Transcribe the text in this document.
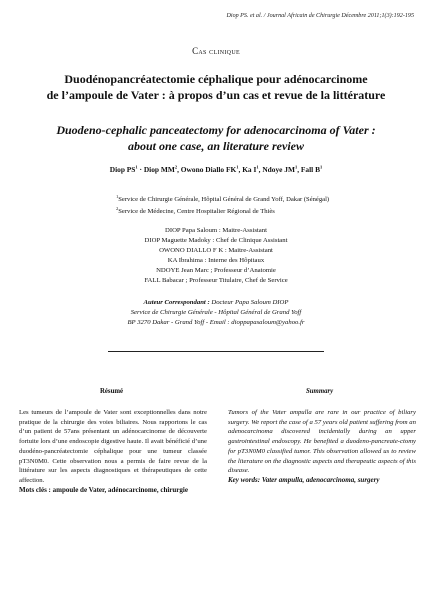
Diop PS. et al. / Journal Africain de Chirurgie Décembre 2011;1(3):192-195
Cas clinique
Duodénopancréatectomie céphalique pour adénocarcinome
de l’ampoule de Vater : à propos d’un cas et revue de la littérature
Duodeno-cephalic panceatectomy for adenocarcinoma of Vater :
about one case, an literature review
Diop $PS^1$ · Diop $MM^2$, Owono Diallo $FK^1$, Ka $I^1$, Ndoye $JM^1$, Fall $B^1$
$^1$Service de Chirurgie Générale, Hôpital Général de Grand Yoff, Dakar (Sénégal)
$^2$Service de Médecine, Centre Hospitalier Régional de Thiès
DIOP Papa Saloum : Maitre-Assistant
DIOP Maguette Madoky : Chef de Clinique Assistant
OWONO DIALLO F K : Maitre-Assistant
KA Ibrahima : Interne des Hôpitaux
NDOYE Jean Marc ; Professeur d’Anatomie
FALL Babacar ; Professeur Titulaire, Chef de Service
Auteur Correspondant : Docteur Papa Saloum DIOP
Service de Chirurgie Générale - Hôpital Général de Grand Yoff
BP 3270 Dakar - Grand Yoff - Email : dioppapasaloum@yahoo.fr
Résumé	Summary
Les tumeurs de l’ampoule de Vater sont exceptionnelles dans notre pratique de la chirurgie des voies biliaires. Nous rapportons le cas d’un patient de 57ans présentant un adénocarcinome de découverte fortuite lors d’une endoscopie digestive haute. Il avait bénéficié d’une duodéno-pancréatectomie céphalique pour une tumeur classée pT3N0M0. Cette observation nous a permis de faire revue de la littérature sur les aspects diagnostiques et thérapeutiques de cette affection.
Mots clés : ampoule de Vater, adénocarcinome, chirurgie
Tumors of the Vater ampulla are rare in our practice of biliary surgery. We report the case of a 57 years old patient suffering from an adenocarcinoma discovered incidentally during an upper gastrointestinal endoscopy. He benefited a duodeno-pancreate-ctomy for pT3N0M0 classified tumor. This observation allowed us to review the literature on the diagnostic aspects and therapeutic aspects of this disease.
Key words: Vater ampulla, adenocarcinoma, surgery
